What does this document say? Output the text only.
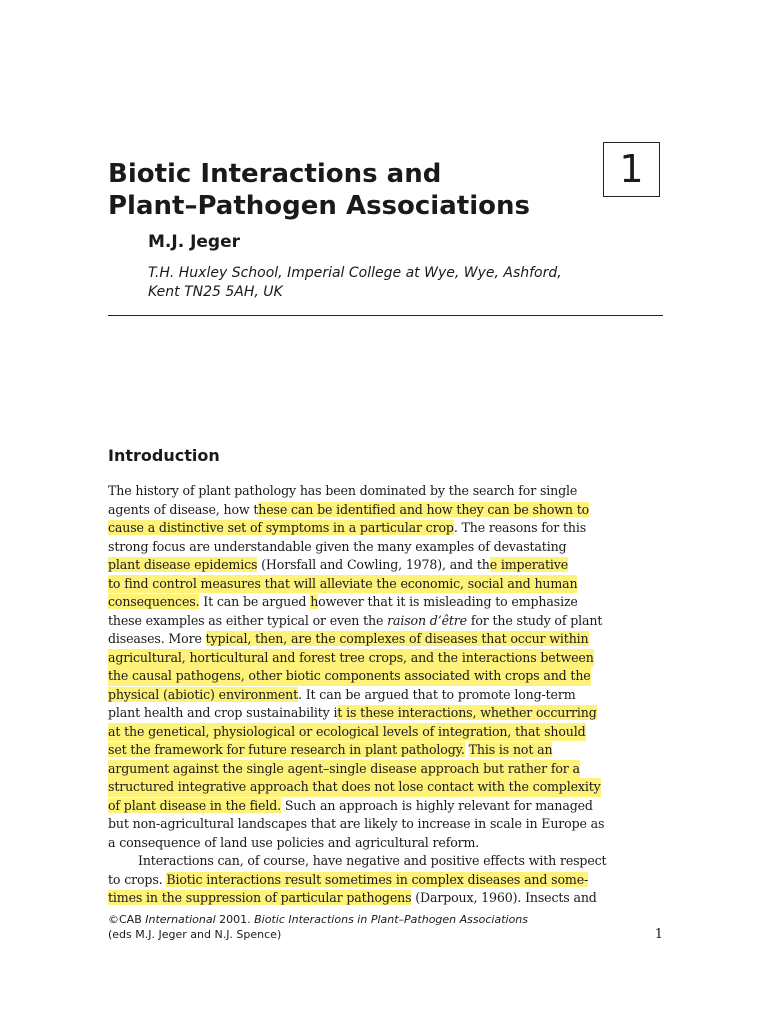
Biotic Interactions and
Plant–Pathogen Associations
1

M.J. Jeger

T.H. Huxley School, Imperial College at Wye, Wye, Ashford,
Kent TN25 5AH, UK

Introduction
The history of plant pathology has been dominated by the search for single
agents of disease, how these can be identified and how they can be shown to
cause a distinctive set of symptoms in a particular crop. The reasons for this
strong focus are understandable given the many examples of devastating
plant disease epidemics (Horsfall and Cowling, 1978), and the imperative
to find control measures that will alleviate the economic, social and human
consequences. It can be argued however that it is misleading to emphasize
these examples as either typical or even the raison d’être for the study of plant
diseases. More typical, then, are the complexes of diseases that occur within
agricultural, horticultural and forest tree crops, and the interactions between
the causal pathogens, other biotic components associated with crops and the
physical (abiotic) environment. It can be argued that to promote long-term
plant health and crop sustainability it is these interactions, whether occurring
at the genetical, physiological or ecological levels of integration, that should
set the framework for future research in plant pathology. This is not an
argument against the single agent–single disease approach but rather for a
structured integrative approach that does not lose contact with the complexity
of plant disease in the field. Such an approach is highly relevant for managed
but non-agricultural landscapes that are likely to increase in scale in Europe as
a consequence of land use policies and agricultural reform.
Interactions can, of course, have negative and positive effects with respect
to crops. Biotic interactions result sometimes in complex diseases and some-
times in the suppression of particular pathogens (Darpoux, 1960). Insects and
©CAB International 2001. Biotic Interactions in Plant–Pathogen Associations
(eds M.J. Jeger and N.J. Spence)	1
